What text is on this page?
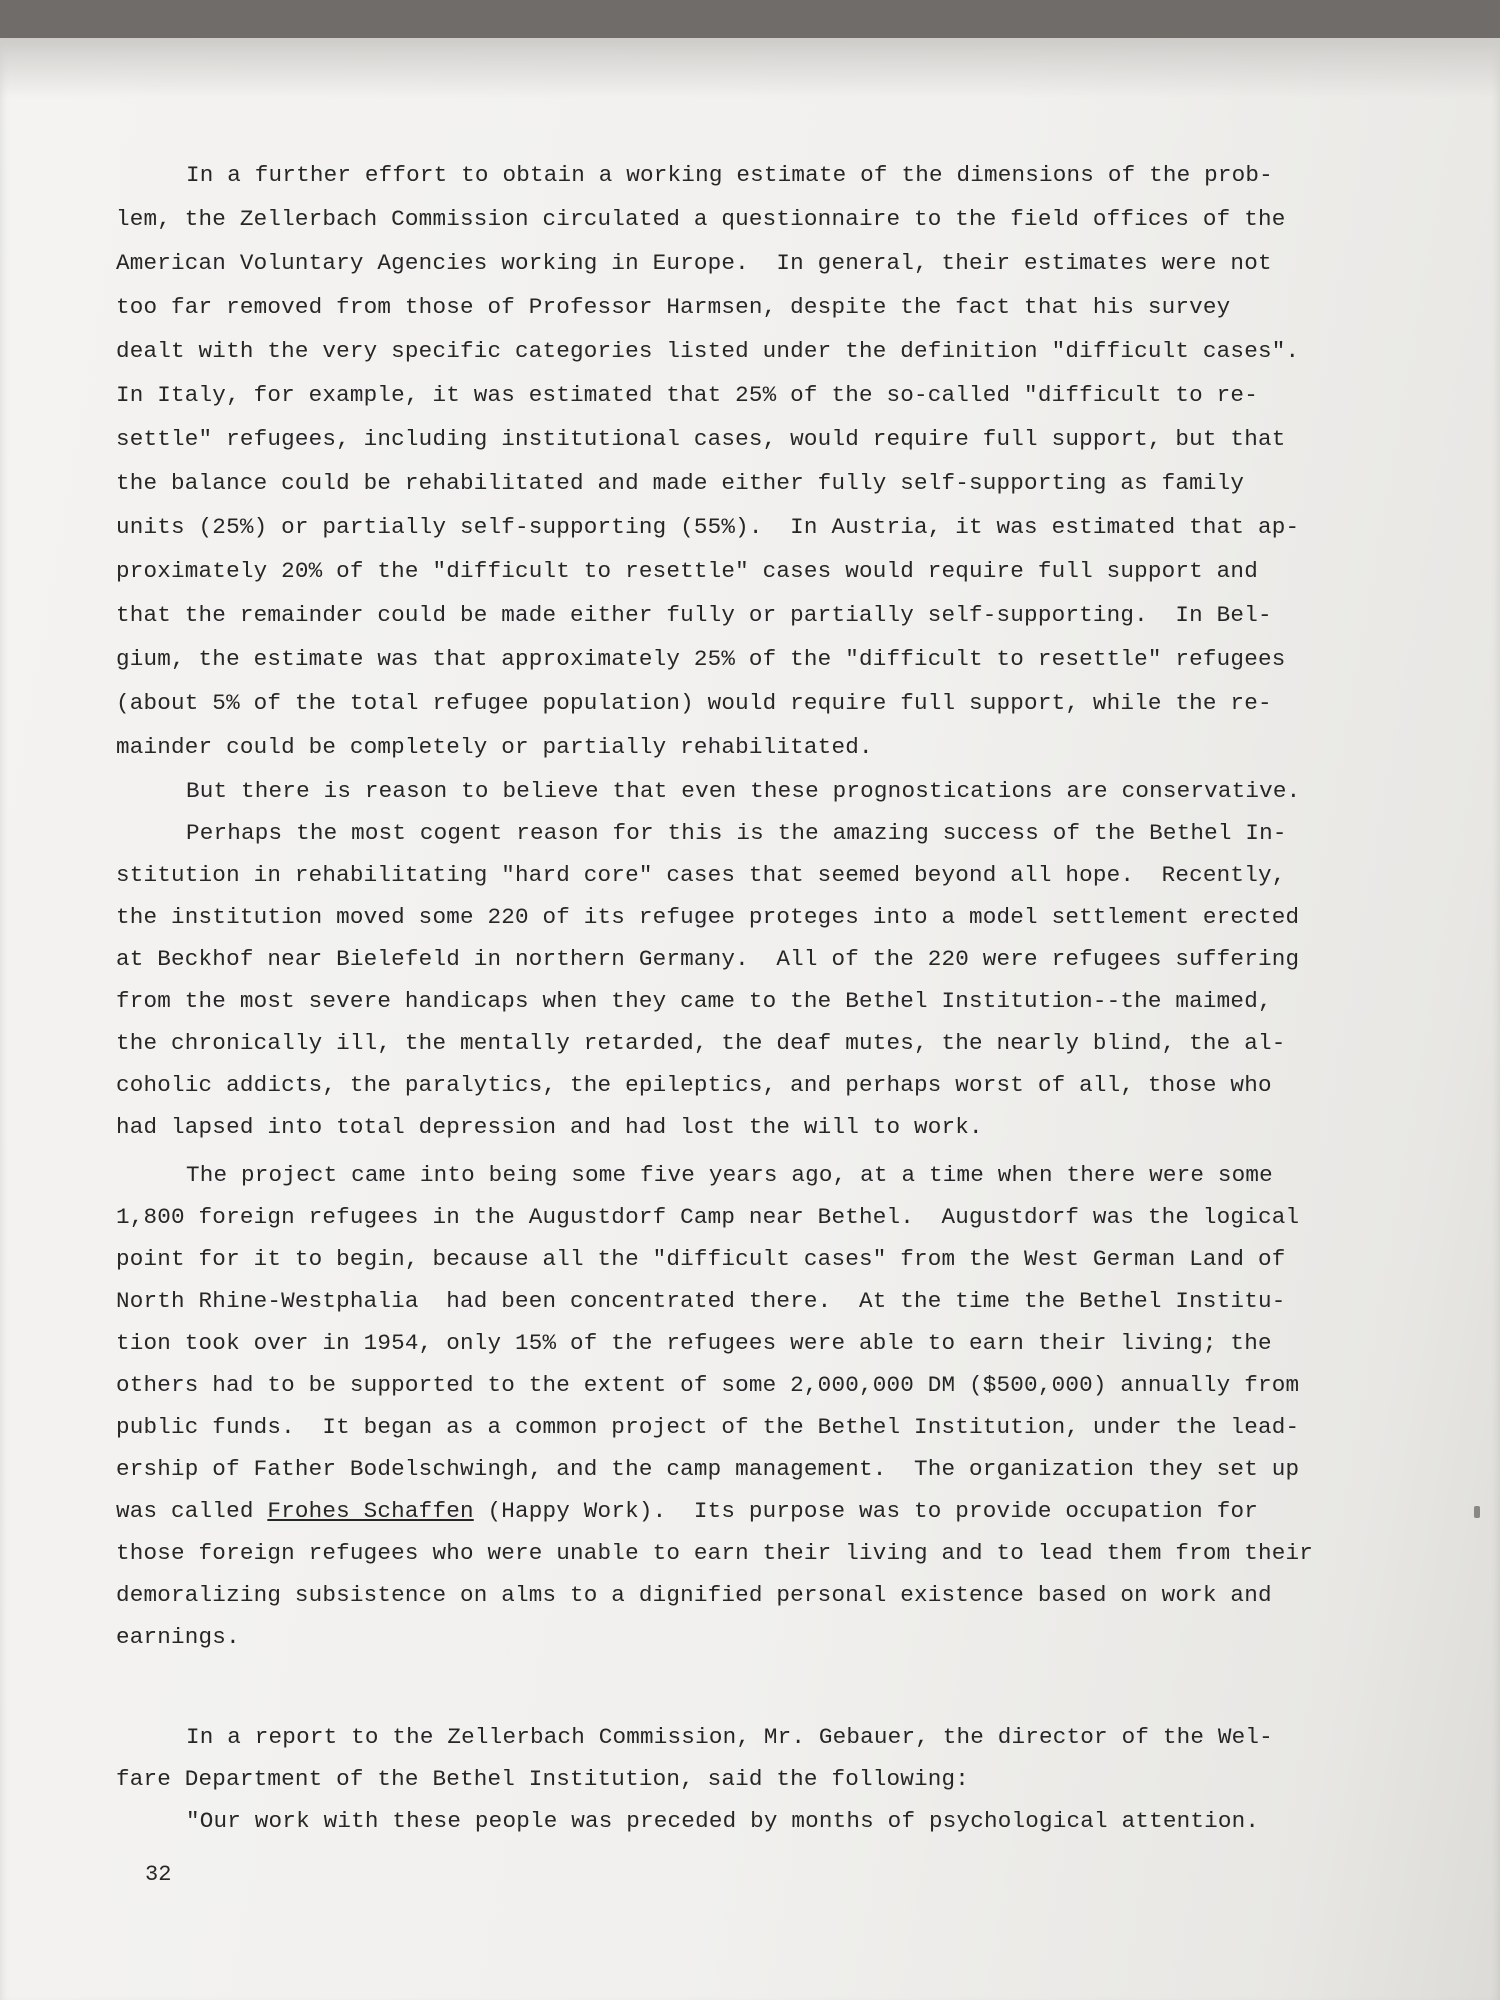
In a further effort to obtain a working estimate of the dimensions of the prob-
lem, the Zellerbach Commission circulated a questionnaire to the field offices of the
American Voluntary Agencies working in Europe.  In general, their estimates were not
too far removed from those of Professor Harmsen, despite the fact that his survey
dealt with the very specific categories listed under the definition "difficult cases".
In Italy, for example, it was estimated that 25% of the so-called "difficult to re-
settle" refugees, including institutional cases, would require full support, but that
the balance could be rehabilitated and made either fully self-supporting as family
units (25%) or partially self-supporting (55%).  In Austria, it was estimated that ap-
proximately 20% of the "difficult to resettle" cases would require full support and
that the remainder could be made either fully or partially self-supporting.  In Bel-
gium, the estimate was that approximately 25% of the "difficult to resettle" refugees
(about 5% of the total refugee population) would require full support, while the re-
mainder could be completely or partially rehabilitated.
But there is reason to believe that even these prognostications are conservative.
Perhaps the most cogent reason for this is the amazing success of the Bethel In-
stitution in rehabilitating "hard core" cases that seemed beyond all hope.  Recently,
the institution moved some 220 of its refugee proteges into a model settlement erected
at Beckhof near Bielefeld in northern Germany.  All of the 220 were refugees suffering
from the most severe handicaps when they came to the Bethel Institution--the maimed,
the chronically ill, the mentally retarded, the deaf mutes, the nearly blind, the al-
coholic addicts, the paralytics, the epileptics, and perhaps worst of all, those who
had lapsed into total depression and had lost the will to work.
The project came into being some five years ago, at a time when there were some
1,800 foreign refugees in the Augustdorf Camp near Bethel.  Augustdorf was the logical
point for it to begin, because all the "difficult cases" from the West German Land of
North Rhine-Westphalia  had been concentrated there.  At the time the Bethel Institu-
tion took over in 1954, only 15% of the refugees were able to earn their living; the
others had to be supported to the extent of some 2,000,000 DM ($500,000) annually from
public funds.  It began as a common project of the Bethel Institution, under the lead-
ership of Father Bodelschwingh, and the camp management.  The organization they set up
was called Frohes Schaffen (Happy Work).  Its purpose was to provide occupation for
those foreign refugees who were unable to earn their living and to lead them from their
demoralizing subsistence on alms to a dignified personal existence based on work and
earnings.
In a report to the Zellerbach Commission, Mr. Gebauer, the director of the Wel-
fare Department of the Bethel Institution, said the following:
"Our work with these people was preceded by months of psychological attention.
32
